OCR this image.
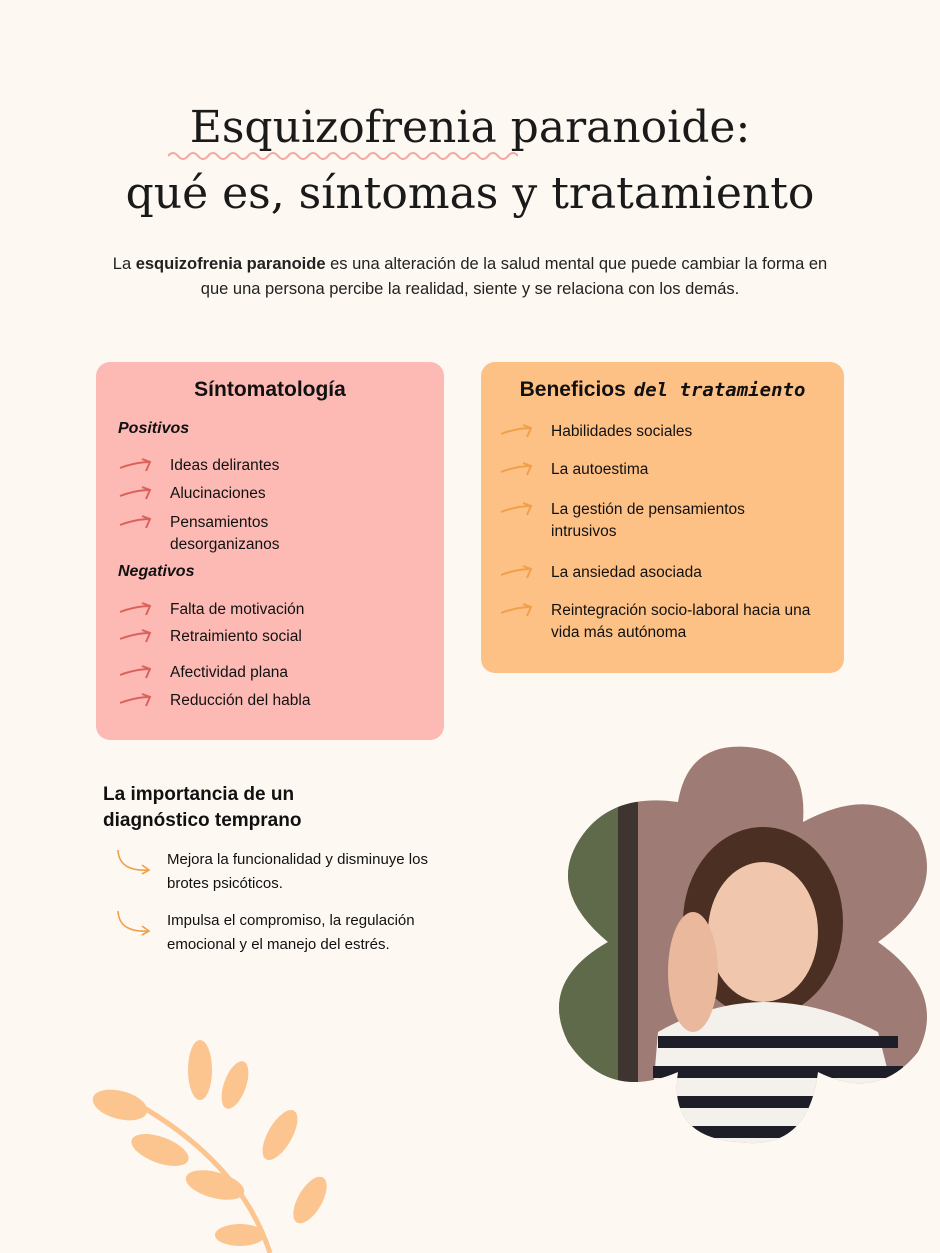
Esquizofrenia paranoide:
qué es, síntomas y tratamiento

La esquizofrenia paranoide es una alteración de la salud mental que puede cambiar la forma en que una persona percibe la realidad, siente y se relaciona con los demás.

Síntomatología
Positivos
Ideas delirantes
Alucinaciones
Pensamientos desorganizanos
Negativos
Falta de motivación
Retraimiento social
Afectividad plana
Reducción del habla
Beneficios del tratamiento
Habilidades sociales
La autoestima
La gestión de pensamientos intrusivos
La ansiedad asociada
Reintegración socio-laboral hacia una vida más autónoma
La importancia de un diagnóstico temprano
Mejora la funcionalidad y disminuye los brotes psicóticos.
Impulsa el compromiso, la regulación emocional y el manejo del estrés.
